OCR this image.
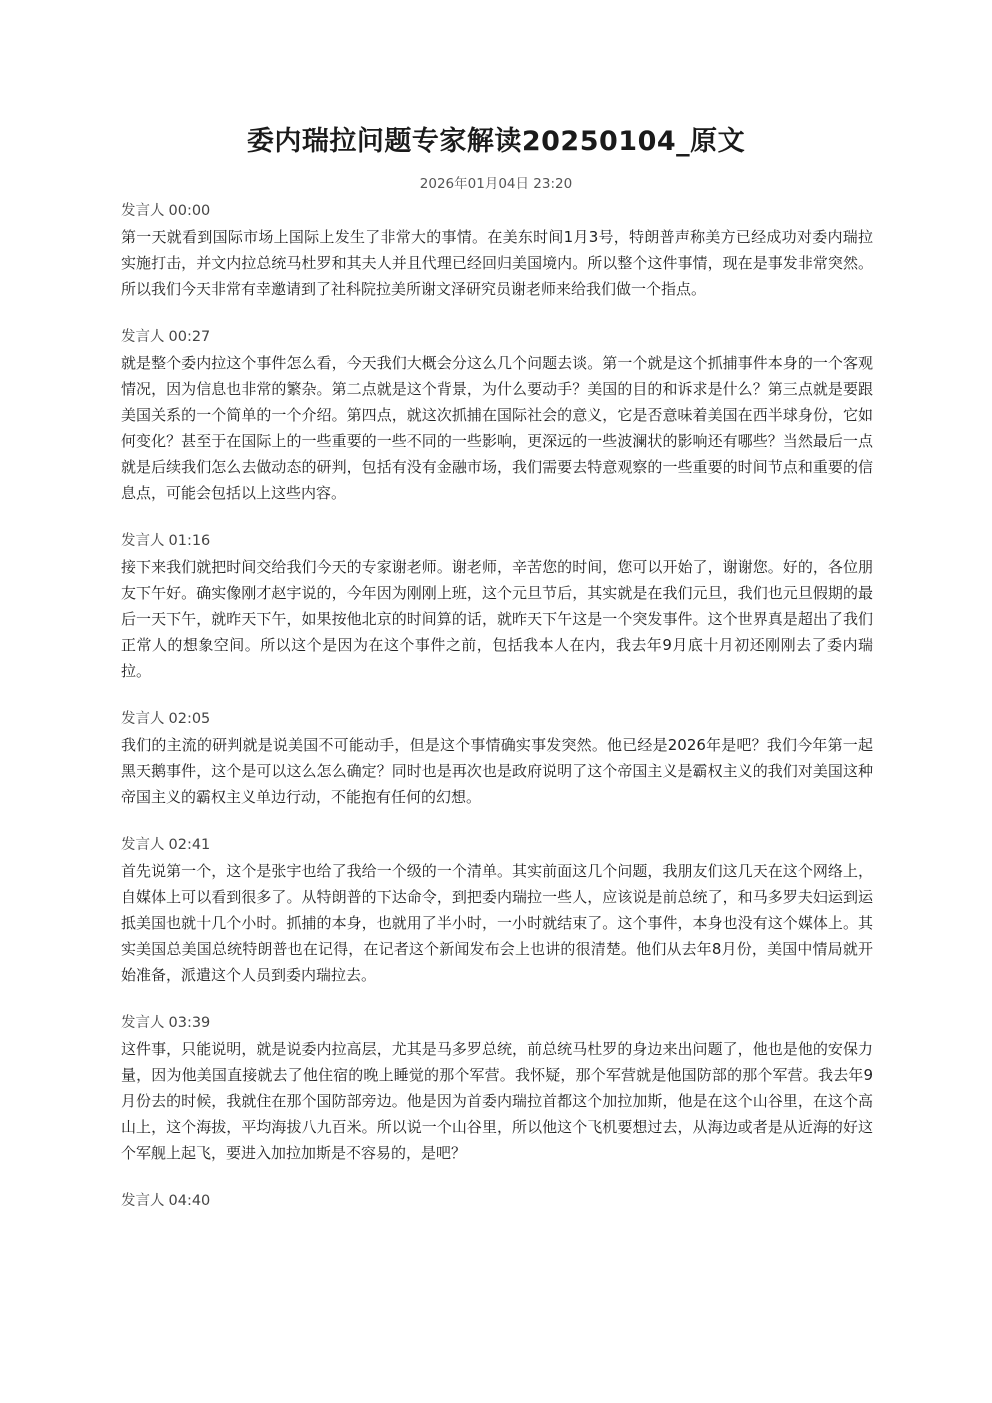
委内瑞拉问题专家解读20250104_原文
2026年01月04日 23:20
发言人 00:00
第一天就看到国际市场上国际上发生了非常大的事情。在美东时间1月3号，特朗普声称美方已经成功对委内瑞拉实施打击，并文内拉总统马杜罗和其夫人并且代理已经回归美国境内。所以整个这件事情，现在是事发非常突然。所以我们今天非常有幸邀请到了社科院拉美所谢文泽研究员谢老师来给我们做一个指点。
发言人 00:27
就是整个委内拉这个事件怎么看，今天我们大概会分这么几个问题去谈。第一个就是这个抓捕事件本身的一个客观情况，因为信息也非常的繁杂。第二点就是这个背景，为什么要动手？美国的目的和诉求是什么？第三点就是要跟美国关系的一个简单的一个介绍。第四点，就这次抓捕在国际社会的意义，它是否意味着美国在西半球身份，它如何变化？甚至于在国际上的一些重要的一些不同的一些影响，更深远的一些波澜状的影响还有哪些？当然最后一点就是后续我们怎么去做动态的研判，包括有没有金融市场，我们需要去特意观察的一些重要的时间节点和重要的信息点，可能会包括以上这些内容。
发言人 01:16
接下来我们就把时间交给我们今天的专家谢老师。谢老师，辛苦您的时间，您可以开始了，谢谢您。好的，各位朋友下午好。确实像刚才赵宇说的，今年因为刚刚上班，这个元旦节后，其实就是在我们元旦，我们也元旦假期的最后一天下午，就昨天下午，如果按他北京的时间算的话，就昨天下午这是一个突发事件。这个世界真是超出了我们正常人的想象空间。所以这个是因为在这个事件之前，包括我本人在内，我去年9月底十月初还刚刚去了委内瑞拉。
发言人 02:05
我们的主流的研判就是说美国不可能动手，但是这个事情确实事发突然。他已经是2026年是吧？我们今年第一起黑天鹅事件，这个是可以这么怎么确定？同时也是再次也是政府说明了这个帝国主义是霸权主义的我们对美国这种帝国主义的霸权主义单边行动，不能抱有任何的幻想。
发言人 02:41
首先说第一个，这个是张宇也给了我给一个级的一个清单。其实前面这几个问题，我朋友们这几天在这个网络上，自媒体上可以看到很多了。从特朗普的下达命令，到把委内瑞拉一些人，应该说是前总统了，和马多罗夫妇运到运抵美国也就十几个小时。抓捕的本身，也就用了半小时，一小时就结束了。这个事件，本身也没有这个媒体上。其实美国总美国总统特朗普也在记得，在记者这个新闻发布会上也讲的很清楚。他们从去年8月份，美国中情局就开始准备，派遣这个人员到委内瑞拉去。
发言人 03:39
这件事，只能说明，就是说委内拉高层，尤其是马多罗总统，前总统马杜罗的身边来出问题了，他也是他的安保力量，因为他美国直接就去了他住宿的晚上睡觉的那个军营。我怀疑，那个军营就是他国防部的那个军营。我去年9月份去的时候，我就住在那个国防部旁边。他是因为首委内瑞拉首都这个加拉加斯，他是在这个山谷里，在这个高山上，这个海拔，平均海拔八九百米。所以说一个山谷里，所以他这个飞机要想过去，从海边或者是从近海的好这个军舰上起飞，要进入加拉加斯是不容易的，是吧？
发言人 04:40
